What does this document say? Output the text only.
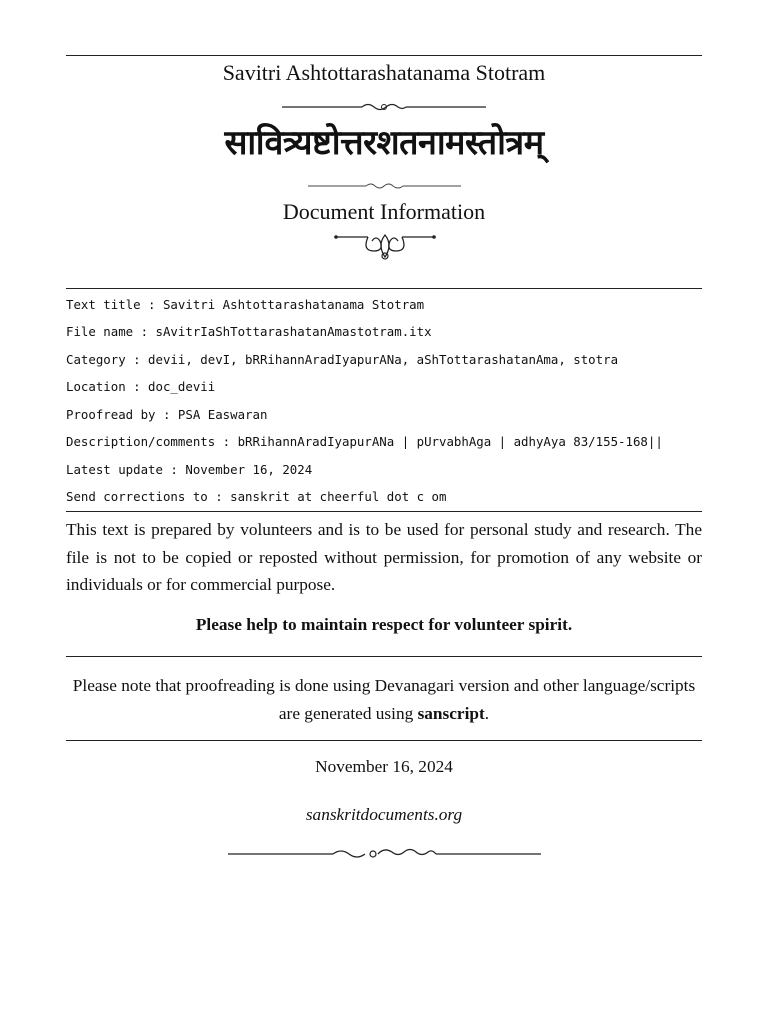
Savitri Ashtottarashatanama Stotram
सावित्र्यष्टोत्तरशतनामस्तोत्रम्
Document Information
Text title : Savitri Ashtottarashatanama Stotram
File name : sAvitrIaShTottarashatanAmastotram.itx
Category : devii, devI, bRRihannAradIyapurANa, aShTottarashatanAma, stotra
Location : doc_devii
Proofread by : PSA Easwaran
Description/comments : bRRihannAradIyapurANa | pUrvabhAga | adhyAya 83/155-168||
Latest update : November 16, 2024
Send corrections to : sanskrit at cheerful dot c om
This text is prepared by volunteers and is to be used for personal study and research. The file is not to be copied or reposted without permission, for promotion of any website or individuals or for commercial purpose.
Please help to maintain respect for volunteer spirit.
Please note that proofreading is done using Devanagari version and other language/scripts are generated using sanscript.
November 16, 2024
sanskritdocuments.org
